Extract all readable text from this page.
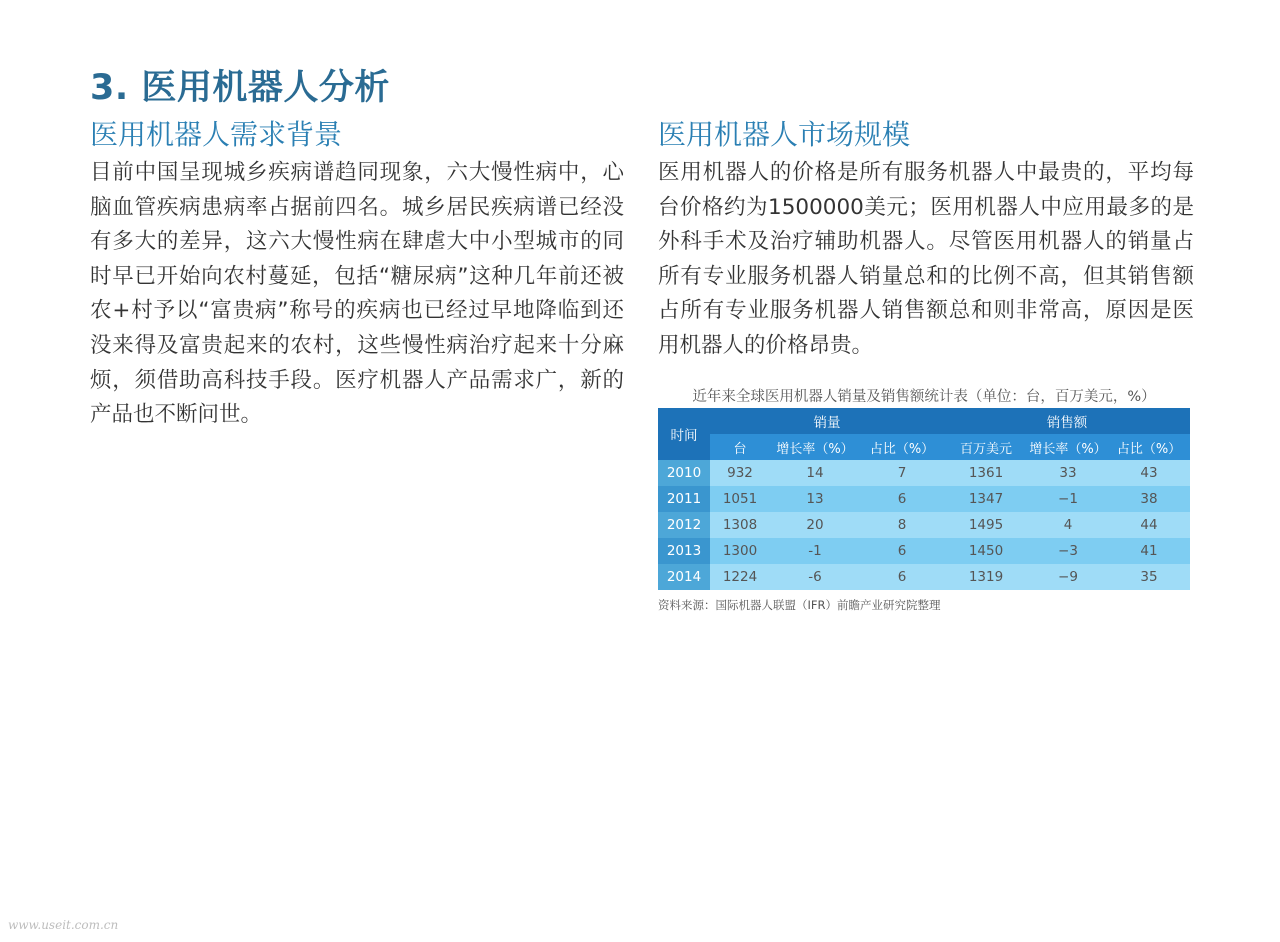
3. 医用机器人分析
医用机器人需求背景

目前中国呈现城乡疾病谱趋同现象，六大慢性病中，心脑血管疾病患病率占据前四名。城乡居民疾病谱已经没有多大的差异，这六大慢性病在肆虐大中小型城市的同时早已开始向农村蔓延，包括“糖尿病”这种几年前还被农+村予以“富贵病”称号的疾病也已经过早地降临到还没来得及富贵起来的农村，这些慢性病治疗起来十分麻烦，须借助高科技手段。医疗机器人产品需求广，新的产品也不断问世。

医用机器人市场规模

医用机器人的价格是所有服务机器人中最贵的，平均每台价格约为1500000美元；医用机器人中应用最多的是外科手术及治疗辅助机器人。尽管医用机器人的销量占所有专业服务机器人销量总和的比例不高，但其销售额占所有专业服务机器人销售额总和则非常高，原因是医用机器人的价格昂贵。

近年来全球医用机器人销量及销售额统计表（单位：台，百万美元，%）
时间	销量			销售额		
	台	增长率（%）	占比（%）	百万美元	增长率（%）	占比（%）
2010	932	14	7	1361	33	43
2011	1051	13	6	1347	−1	38
2012	1308	20	8	1495	4	44
2013	1300	-1	6	1450	−3	41
2014	1224	-6	6	1319	−9	35
资料来源：国际机器人联盟（IFR）前瞻产业研究院整理
www.useit.com.cn
